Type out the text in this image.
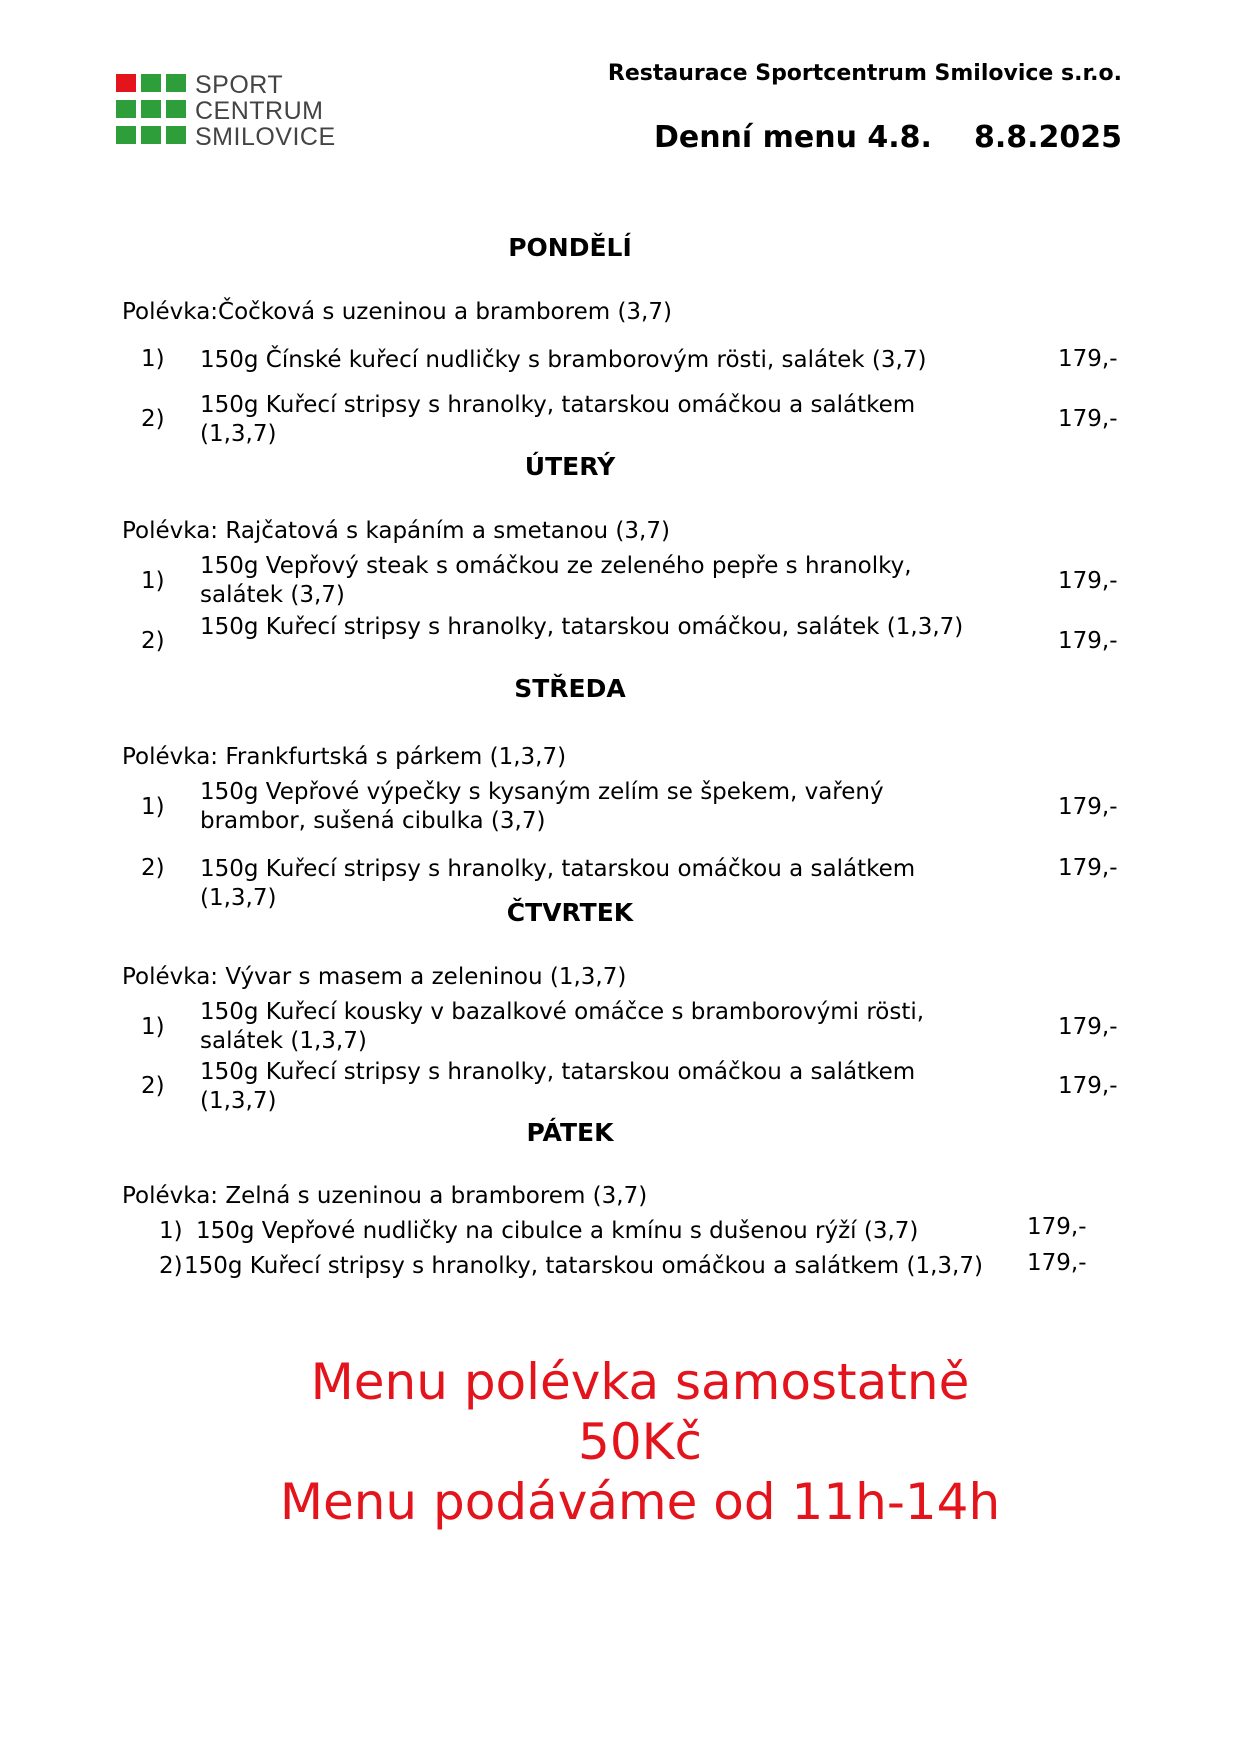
SPORT
CENTRUM
SMILOVICE
Restaurace Sportcentrum Smilovice s.r.o.
Denní menu 4.8. 8.8.2025
PONDĚLÍ
Polévka:Čočková s uzeninou a bramborem (3,7)
1) 150g Čínské kuřecí nudličky s bramborovým rösti, salátek (3,7)	179,-
2)
150g Kuřecí stripsy s hranolky, tatarskou omáčkou a salátkem (1,3,7)
179,-
ÚTERÝ
Polévka: Rajčatová s kapáním a smetanou (3,7)
1)
150g Vepřový steak s omáčkou ze zeleného pepře s hranolky, salátek (3,7)
179,-
2)
150g Kuřecí stripsy s hranolky, tatarskou omáčkou, salátek (1,3,7)
179,-
STŘEDA
Polévka: Frankfurtská s párkem (1,3,7)
1)
150g Vepřové výpečky s kysaným zelím se špekem, vařený brambor, sušená cibulka (3,7)
179,-
2) 150g Kuřecí stripsy s hranolky, tatarskou omáčkou a salátkem (1,3,7)
179,-
ČTVRTEK
Polévka: Vývar s masem a zeleninou (1,3,7)
1)
150g Kuřecí kousky v bazalkové omáčce s bramborovými rösti, salátek (1,3,7)
179,-
2)
150g Kuřecí stripsy s hranolky, tatarskou omáčkou a salátkem (1,3,7)
179,-
PÁTEK
Polévka: Zelná s uzeninou a bramborem (3,7)
1) 150g Vepřové nudličky na cibulce a kmínu s dušenou rýží (3,7)	179,-
2) 150g Kuřecí stripsy s hranolky, tatarskou omáčkou a salátkem (1,3,7) 179,-
Menu polévka samostatně
50Kč
Menu podáváme od 11h-14h
